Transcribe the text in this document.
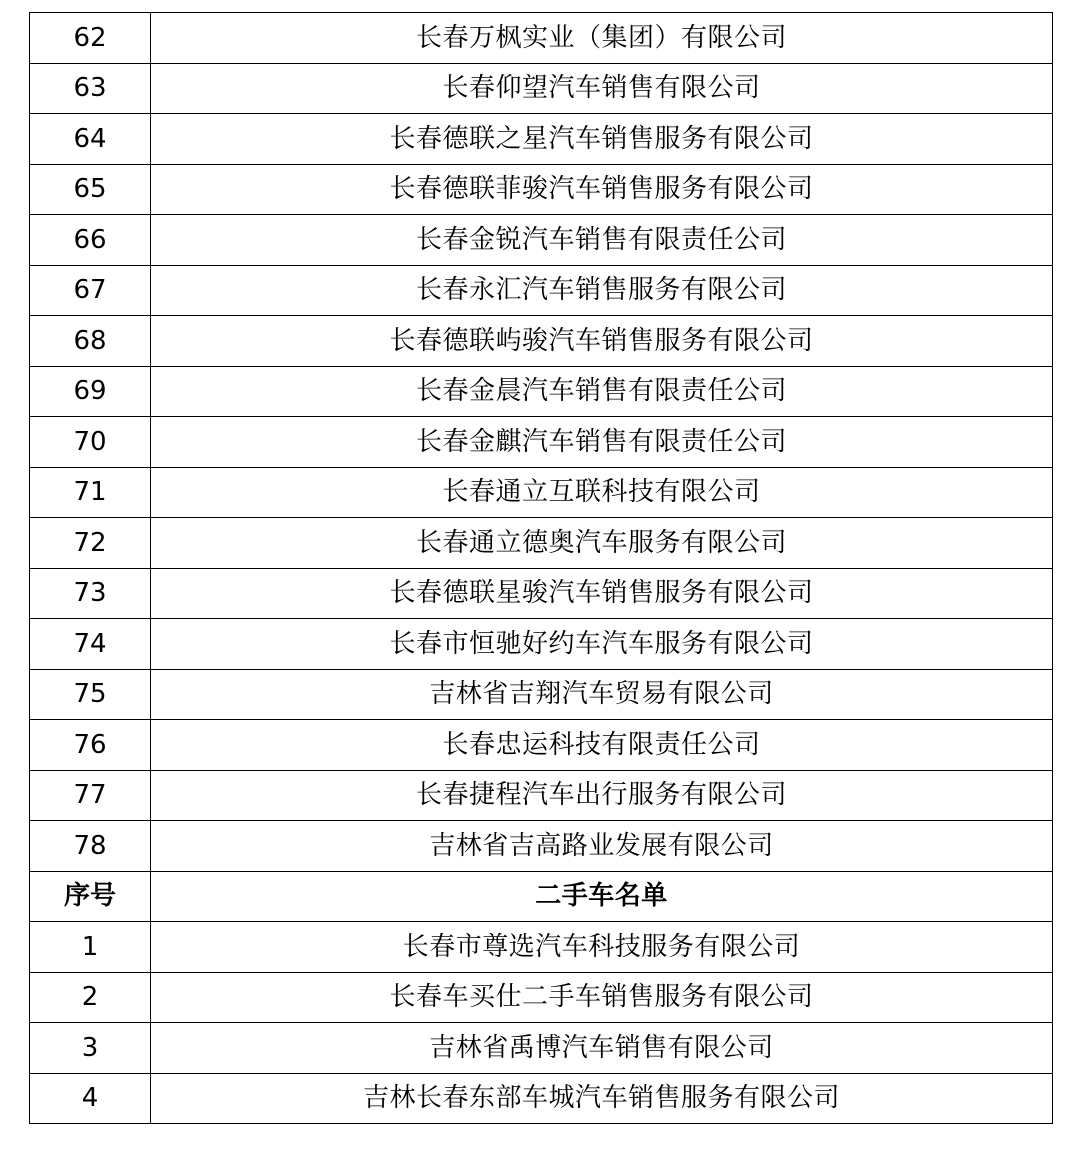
62	长春万枫实业（集团）有限公司
63	长春仰望汽车销售有限公司
64	长春德联之星汽车销售服务有限公司
65	长春德联菲骏汽车销售服务有限公司
66	长春金锐汽车销售有限责任公司
67	长春永汇汽车销售服务有限公司
68	长春德联屿骏汽车销售服务有限公司
69	长春金晨汽车销售有限责任公司
70	长春金麒汽车销售有限责任公司
71	长春通立互联科技有限公司
72	长春通立德奥汽车服务有限公司
73	长春德联星骏汽车销售服务有限公司
74	长春市恒驰好约车汽车服务有限公司
75	吉林省吉翔汽车贸易有限公司
76	长春忠运科技有限责任公司
77	长春捷程汽车出行服务有限公司
78	吉林省吉高路业发展有限公司
序号	二手车名单
1	长春市尊选汽车科技服务有限公司
2	长春车买仕二手车销售服务有限公司
3	吉林省禹博汽车销售有限公司
4	吉林长春东部车城汽车销售服务有限公司
